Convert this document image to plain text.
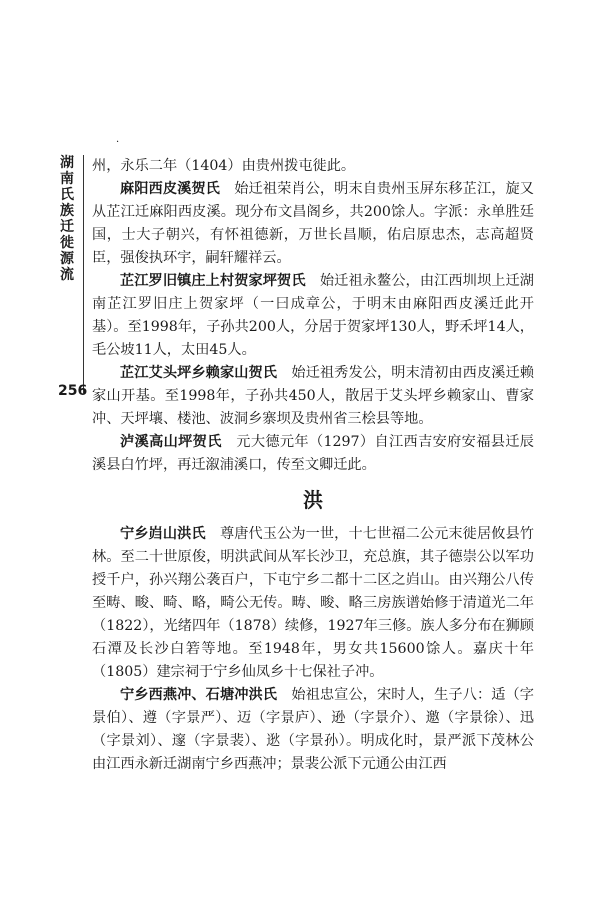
·
湖南氏族迁徙源流
256

州，永乐二年（1404）由贵州拨屯徙此。

麻阳西皮溪贺氏　 始迁祖荣肖公，明末自贵州玉屏东移芷江，旋又从芷江迁麻阳西皮溪。现分布文昌阁乡，共200馀人。字派：永单胜廷国，士大子朝兴，有怀祖德新，万世长昌顺，佑启原忠杰，志高超贤臣，强俊执环宇，嗣轩耀祥云。

芷江罗旧镇庄上村贺家坪贺氏　 始迁祖永鳌公，由江西圳坝上迁湖南芷江罗旧庄上贺家坪（一曰成章公，于明末由麻阳西皮溪迁此开基）。至1998年，子孙共200人，分居于贺家坪130人，野禾坪14人，毛公坡11人，太田45人。

芷江艾头坪乡赖家山贺氏　 始迁祖秀发公，明末清初由西皮溪迁赖家山开基。至1998年，子孙共450人，散居于艾头坪乡赖家山、曹家冲、天坪壤、楼池、波洞乡寨坝及贵州省三桧县等地。

泸溪高山坪贺氏　 元大德元年（1297）自江西吉安府安福县迁辰溪县白竹坪，再迁溆浦溪口，传至文卿迁此。

洪

宁乡岿山洪氏　 尊唐代玉公为一世，十七世福二公元末徙居攸县竹林。至二十世原俊，明洪武间从军长沙卫，充总旗，其子德崇公以军功授千户，孙兴翔公袭百户，下屯宁乡二都十二区之岿山。由兴翔公八传至畴、畯、畸、略，畸公无传。畴、畯、略三房族谱始修于清道光二年（1822），光绪四年（1878）续修，1927年三修。族人多分布在狮顾石潭及长沙白箬等地。至1948年，男女共15600馀人。嘉庆十年（1805）建宗祠于宁乡仙凤乡十七保社子冲。

宁乡西燕冲、石塘冲洪氏　 始祖忠宣公，宋时人，生子八：适（字景伯）、遵（字景严）、迈（字景庐）、逊（字景介）、邀（字景徐）、迅（字景刘）、邃（字景裴）、逖（字景孙）。明成化时，景严派下茂林公由江西永新迁湖南宁乡西燕冲；景裴公派下元通公由江西
